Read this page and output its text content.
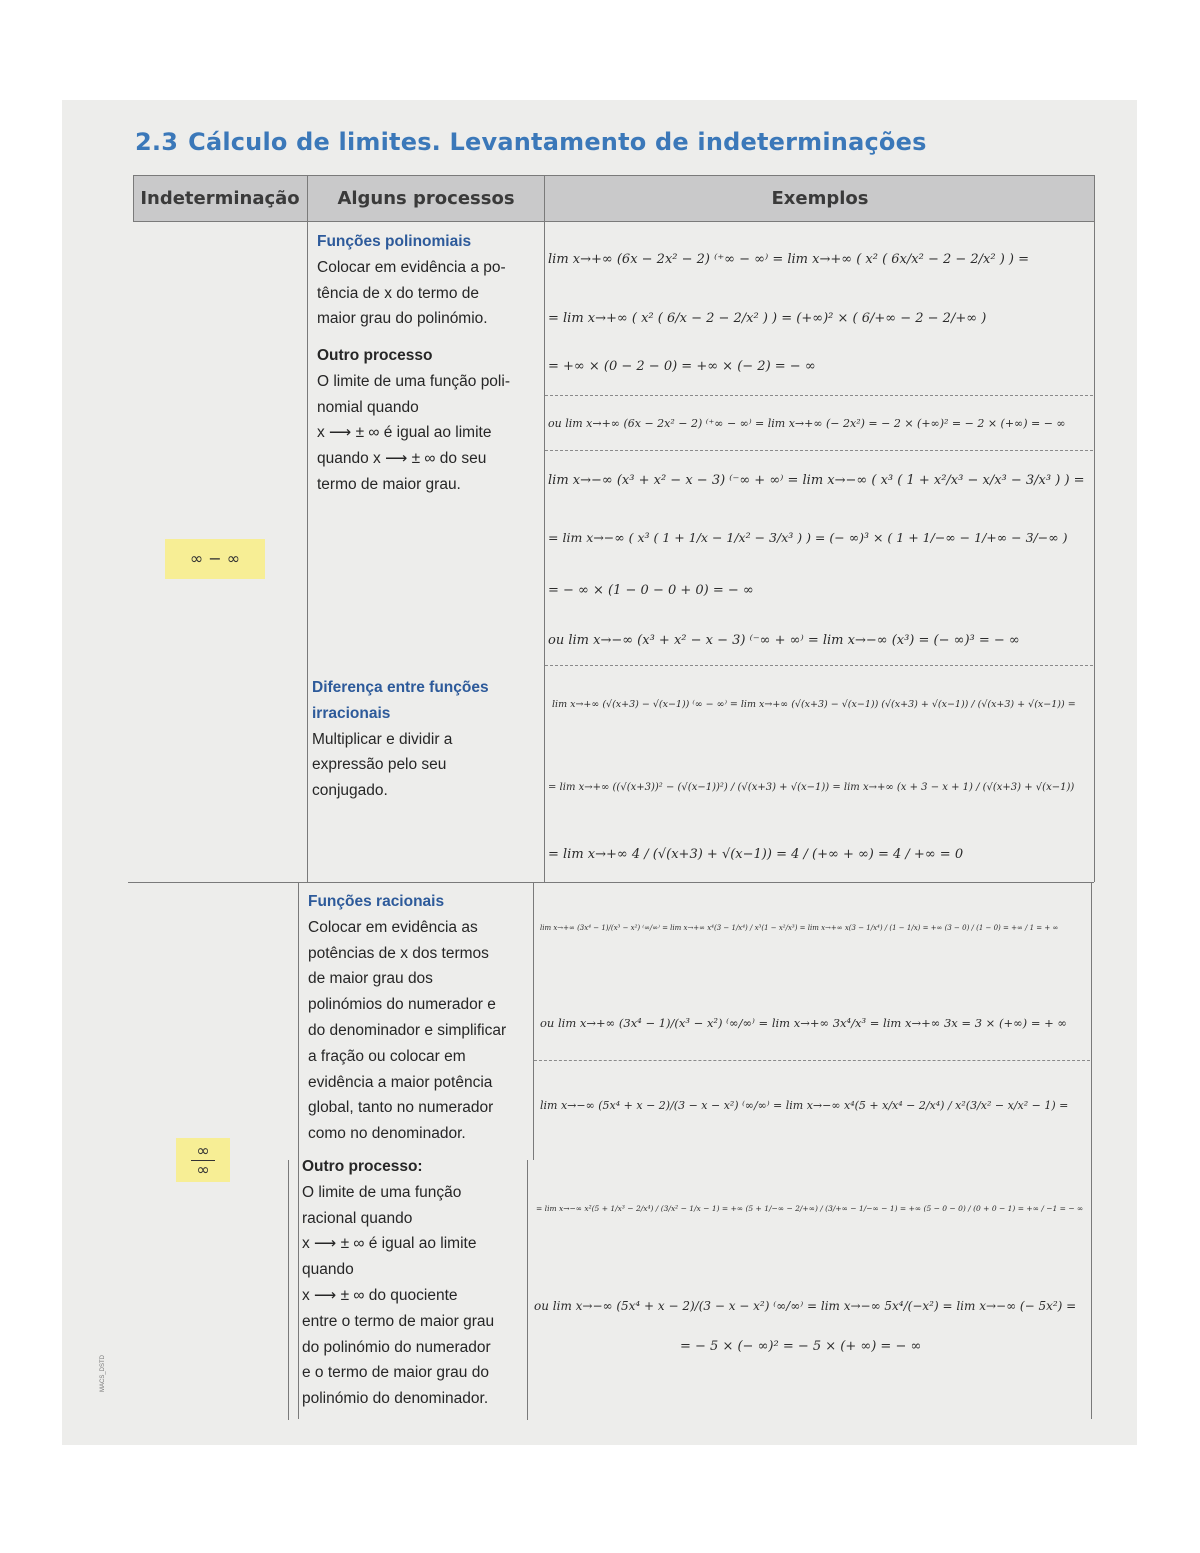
2.3 Cálculo de limites. Levantamento de indeterminações
Indeterminação	Alguns processos	Exemplos
∞ − ∞
$\frac{\infty}{\infty}$
Funções polinomiais

Colocar em evidência a po-

tência de x do termo de

maior grau do polinómio.

Outro processo

O limite de uma função poli-

nomial quando

x ⟶ ± ∞ é igual ao limite

quando x ⟶ ± ∞ do seu

termo de maior grau.

Diferença entre funções irracionais

Multiplicar e dividir a

expressão pelo seu

conjugado.

Funções racionais

Colocar em evidência as

potências de x dos termos

de maior grau dos

polinómios do numerador e

do denominador e simplificar

a fração ou colocar em

evidência a maior potência

global, tanto no numerador

como no denominador.

Outro processo:

O limite de uma função

racional quando

x ⟶ ± ∞ é igual ao limite

quando

x ⟶ ± ∞ do quociente

entre o termo de maior grau

do polinómio do numerador

e o termo de maior grau do

polinómio do denominador.

lim x→+∞ (6x − 2x² − 2) ⁽⁺∞ − ∞⁾ = lim x→+∞ ( x² ( 6x/x² − 2 − 2/x² ) ) =
= lim x→+∞ ( x² ( 6/x − 2 − 2/x² ) ) = (+∞)² × ( 6/+∞ − 2 − 2/+∞ )
= +∞ × (0 − 2 − 0) = +∞ × (− 2) = − ∞
ou lim x→+∞ (6x − 2x² − 2) ⁽⁺∞ − ∞⁾ = lim x→+∞ (− 2x²) = − 2 × (+∞)² = − 2 × (+∞) = − ∞
lim x→−∞ (x³ + x² − x − 3) ⁽⁻∞ + ∞⁾ = lim x→−∞ ( x³ ( 1 + x²/x³ − x/x³ − 3/x³ ) ) =
= lim x→−∞ ( x³ ( 1 + 1/x − 1/x² − 3/x³ ) ) = (− ∞)³ × ( 1 + 1/−∞ − 1/+∞ − 3/−∞ )
= − ∞ × (1 − 0 − 0 + 0) = − ∞
ou lim x→−∞ (x³ + x² − x − 3) ⁽⁻∞ + ∞⁾ = lim x→−∞ (x³) = (− ∞)³ = − ∞
lim x→+∞ (√(x+3) − √(x−1)) ⁽∞ − ∞⁾ = lim x→+∞ (√(x+3) − √(x−1)) (√(x+3) + √(x−1)) / (√(x+3) + √(x−1)) =
= lim x→+∞ ((√(x+3))² − (√(x−1))²) / (√(x+3) + √(x−1)) = lim x→+∞ (x + 3 − x + 1) / (√(x+3) + √(x−1))
= lim x→+∞ 4 / (√(x+3) + √(x−1)) = 4 / (+∞ + ∞) = 4 / +∞ = 0
lim x→+∞ (3x⁴ − 1)/(x³ − x²) ⁽∞/∞⁾ = lim x→+∞ x⁴(3 − 1/x⁴) / x³(1 − x²/x³) = lim x→+∞ x(3 − 1/x⁴) / (1 − 1/x) = +∞ (3 − 0) / (1 − 0) = +∞ / 1 = + ∞
ou lim x→+∞ (3x⁴ − 1)/(x³ − x²) ⁽∞/∞⁾ = lim x→+∞ 3x⁴/x³ = lim x→+∞ 3x = 3 × (+∞) = + ∞
lim x→−∞ (5x⁴ + x − 2)/(3 − x − x²) ⁽∞/∞⁾ = lim x→−∞ x⁴(5 + x/x⁴ − 2/x⁴) / x²(3/x² − x/x² − 1) =
= lim x→−∞ x²(5 + 1/x³ − 2/x⁴) / (3/x² − 1/x − 1) = +∞ (5 + 1/−∞ − 2/+∞) / (3/+∞ − 1/−∞ − 1) = +∞ (5 − 0 − 0) / (0 + 0 − 1) = +∞ / −1 = − ∞
ou lim x→−∞ (5x⁴ + x − 2)/(3 − x − x²) ⁽∞/∞⁾ = lim x→−∞ 5x⁴/(−x²) = lim x→−∞ (− 5x²) =
= − 5 × (− ∞)² = − 5 × (+ ∞) = − ∞
MACS_DSTD
